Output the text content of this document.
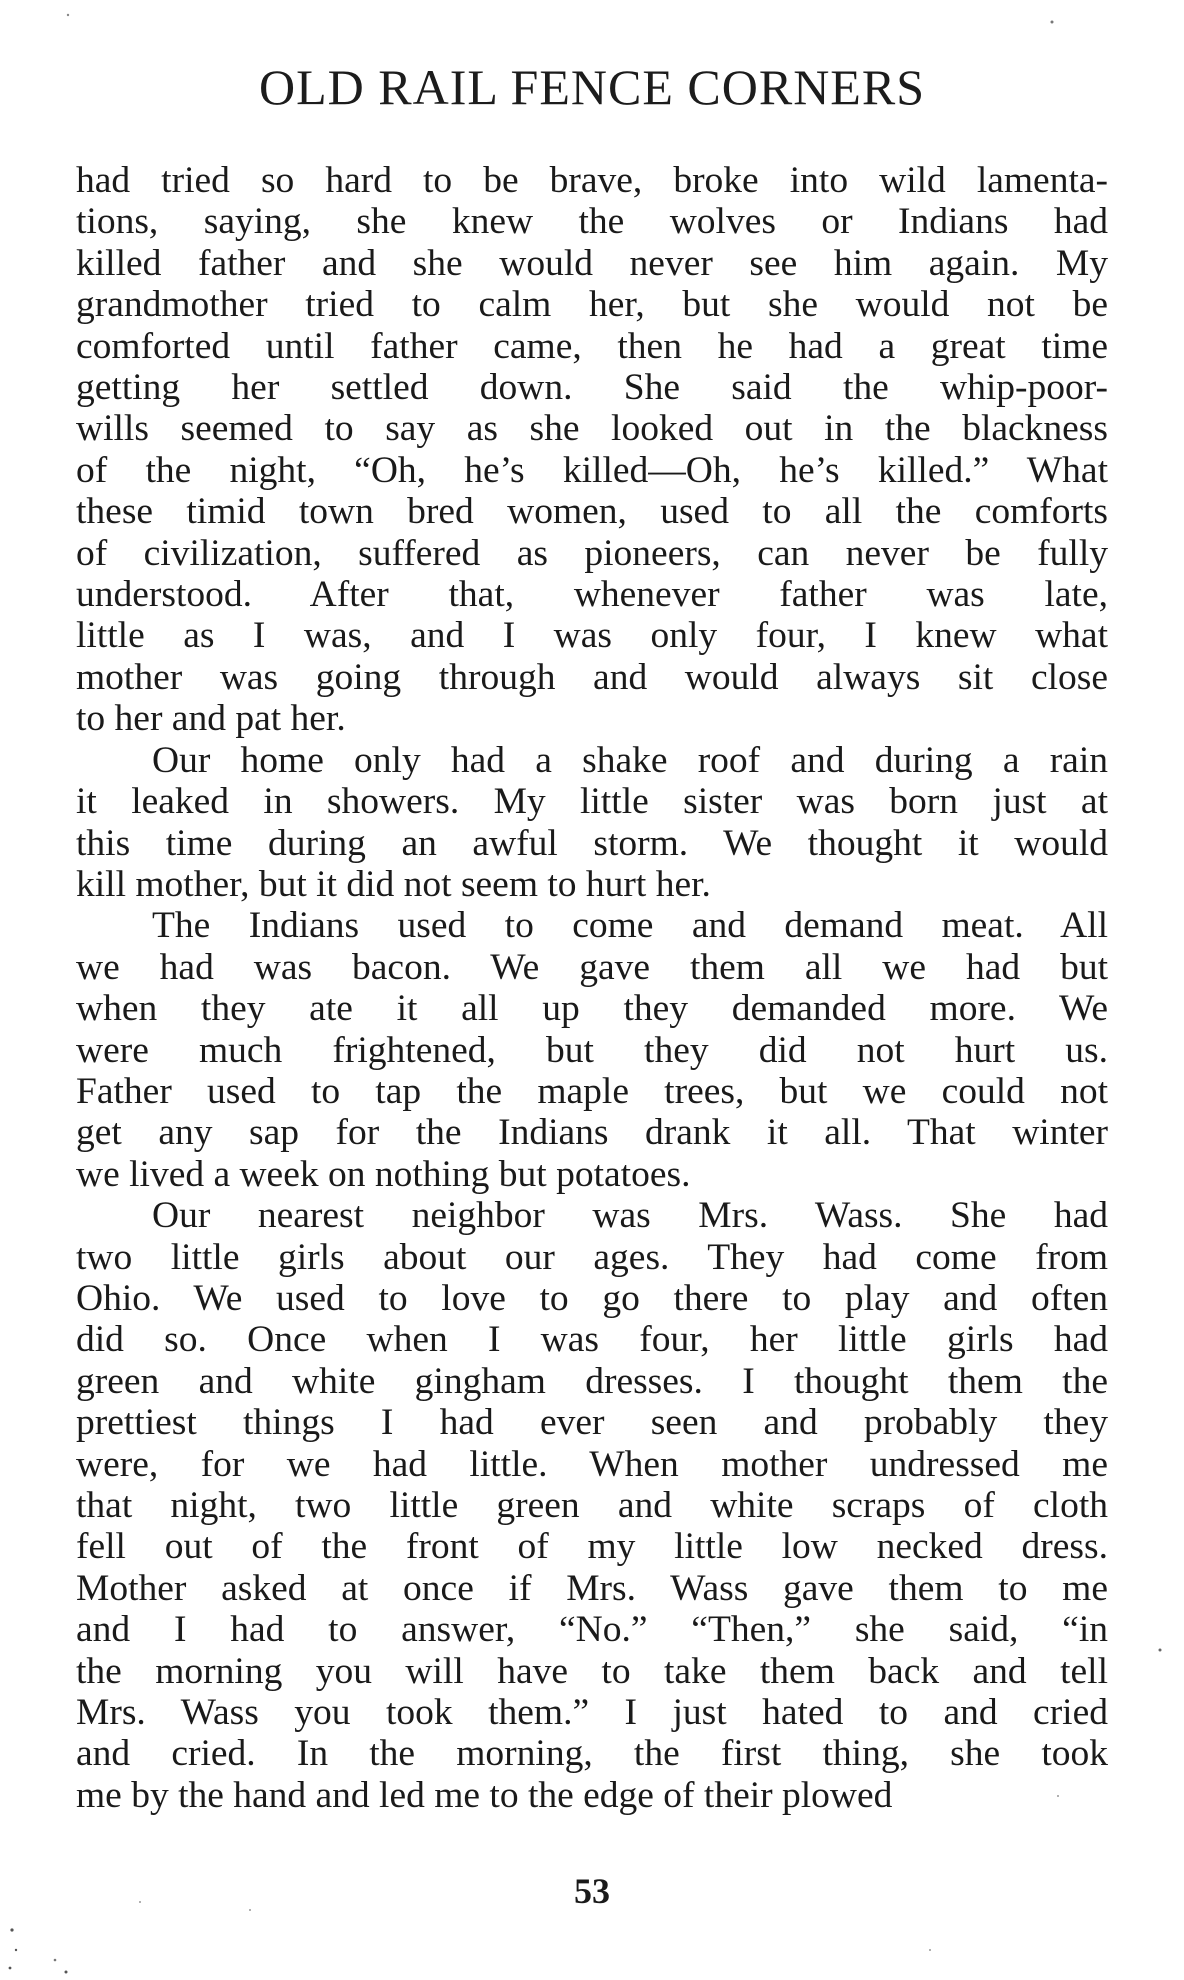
OLD RAIL FENCE CORNERS
had tried so hard to be brave, broke into wild lamenta-
tions, saying, she knew the wolves or Indians had
killed father and she would never see him again. My
grandmother tried to calm her, but she would not be
comforted until father came, then he had a great time
getting her settled down. She said the whip-poor-
wills seemed to say as she looked out in the blackness
of the night, “Oh, he’s killed—Oh, he’s killed.” What
these timid town bred women, used to all the comforts
of civilization, suffered as pioneers, can never be fully
understood. After that, whenever father was late,
little as I was, and I was only four, I knew what
mother was going through and would always sit close
to her and pat her.
Our home only had a shake roof and during a rain
it leaked in showers. My little sister was born just at
this time during an awful storm. We thought it would
kill mother, but it did not seem to hurt her.
The Indians used to come and demand meat. All
we had was bacon. We gave them all we had but
when they ate it all up they demanded more. We
were much frightened, but they did not hurt us.
Father used to tap the maple trees, but we could not
get any sap for the Indians drank it all. That winter
we lived a week on nothing but potatoes.
Our nearest neighbor was Mrs. Wass. She had
two little girls about our ages. They had come from
Ohio. We used to love to go there to play and often
did so. Once when I was four, her little girls had
green and white gingham dresses. I thought them the
prettiest things I had ever seen and probably they
were, for we had little. When mother undressed me
that night, two little green and white scraps of cloth
fell out of the front of my little low necked dress.
Mother asked at once if Mrs. Wass gave them to me
and I had to answer, “No.” “Then,” she said, “in
the morning you will have to take them back and tell
Mrs. Wass you took them.” I just hated to and cried
and cried. In the morning, the first thing, she took
me by the hand and led me to the edge of their plowed
53
